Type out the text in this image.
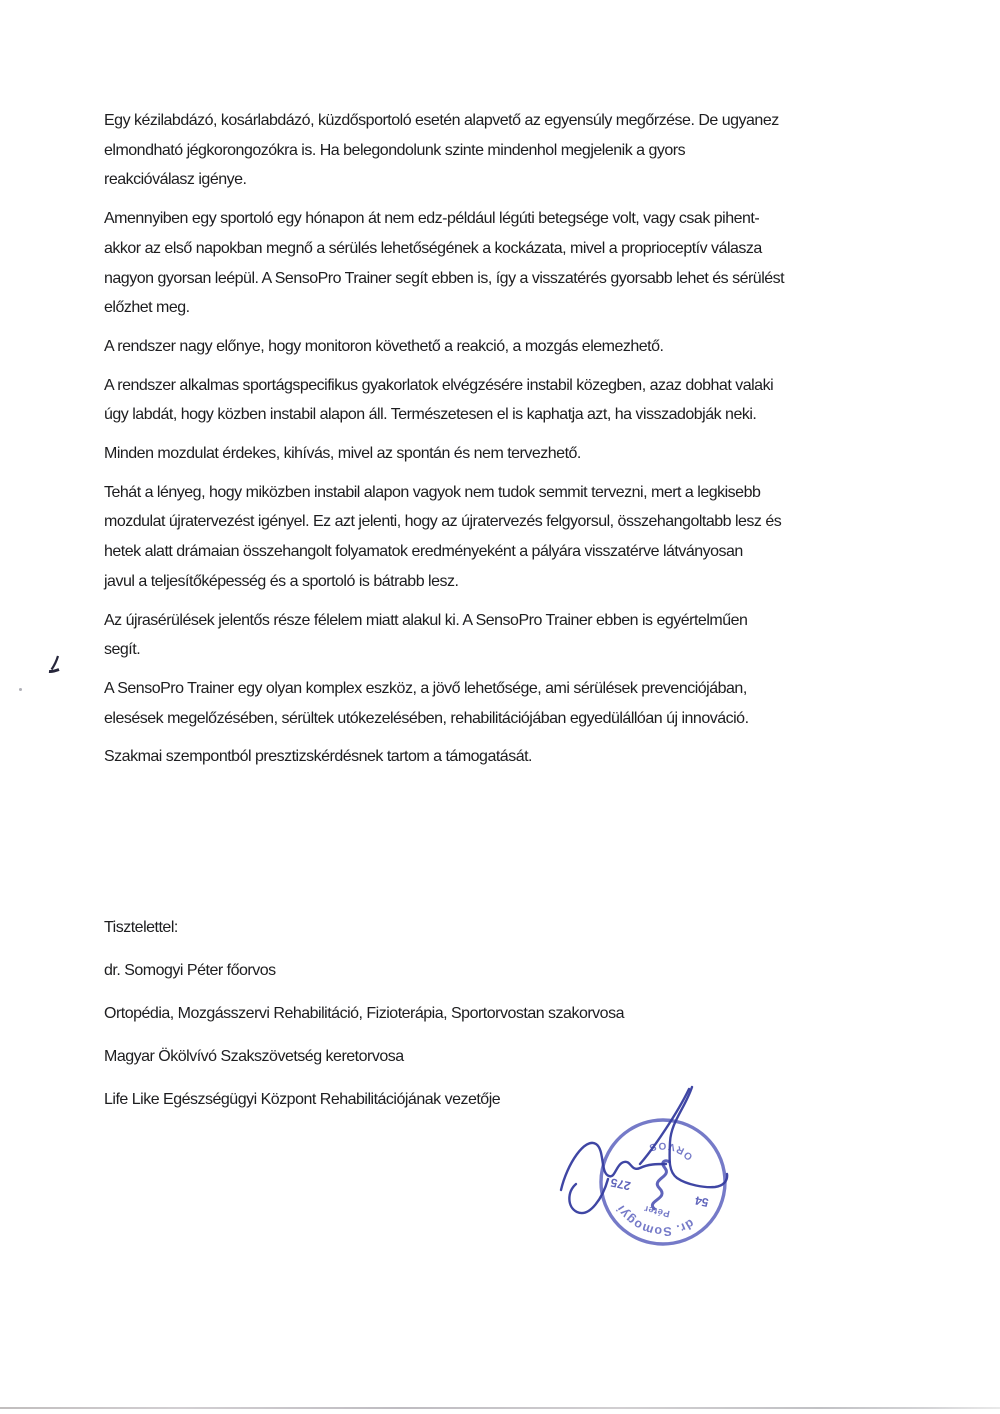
Egy kézilabdázó, kosárlabdázó, küzdősportoló esetén alapvető az egyensúly megőrzése. De ugyanez
elmondható jégkorongozókra is. Ha belegondolunk szinte mindenhol megjelenik a gyors
reakcióválasz igénye.

Amennyiben egy sportoló egy hónapon át nem edz-például légúti betegsége volt, vagy csak pihent-
akkor az első napokban megnő a sérülés lehetőségének a kockázata, mivel a proprioceptív válasza
nagyon gyorsan leépül. A SensoPro Trainer segít ebben is, így a visszatérés gyorsabb lehet és sérülést
előzhet meg.

A rendszer nagy előnye, hogy monitoron követhető a reakció, a mozgás elemezhető.

A rendszer alkalmas sportágspecifikus gyakorlatok elvégzésére instabil közegben, azaz dobhat valaki
úgy labdát, hogy közben instabil alapon áll. Természetesen el is kaphatja azt, ha visszadobják neki.

Minden mozdulat érdekes, kihívás, mivel az spontán és nem tervezhető.

Tehát a lényeg, hogy miközben instabil alapon vagyok nem tudok semmit tervezni, mert a legkisebb
mozdulat újratervezést igényel. Ez azt jelenti, hogy az újratervezés felgyorsul, összehangoltabb lesz és
hetek alatt drámaian összehangolt folyamatok eredményeként a pályára visszatérve látványosan
javul a teljesítőképesség és a sportoló is bátrabb lesz.

Az újrasérülések jelentős része félelem miatt alakul ki. A SensoPro Trainer ebben is egyértelműen
segít.

A SensoPro Trainer egy olyan komplex eszköz, a jövő lehetősége, ami sérülések prevenciójában,
elesések megelőzésében, sérültek utókezelésében, rehabilitációjában egyedülállóan új innováció.

Szakmai szempontból presztizskérdésnek tartom a támogatását.

Tisztelettel:

dr. Somogyi Péter főorvos

Ortopédia, Mozgásszervi Rehabilitáció, Fizioterápia, Sportorvostan szakorvosa

Magyar Ökölvívó Szakszövetség keretorvosa

Life Like Egészségügyi Központ Rehabilitációjának vezetője

dr. Somogyi	Péter
54
275
ORVOS
